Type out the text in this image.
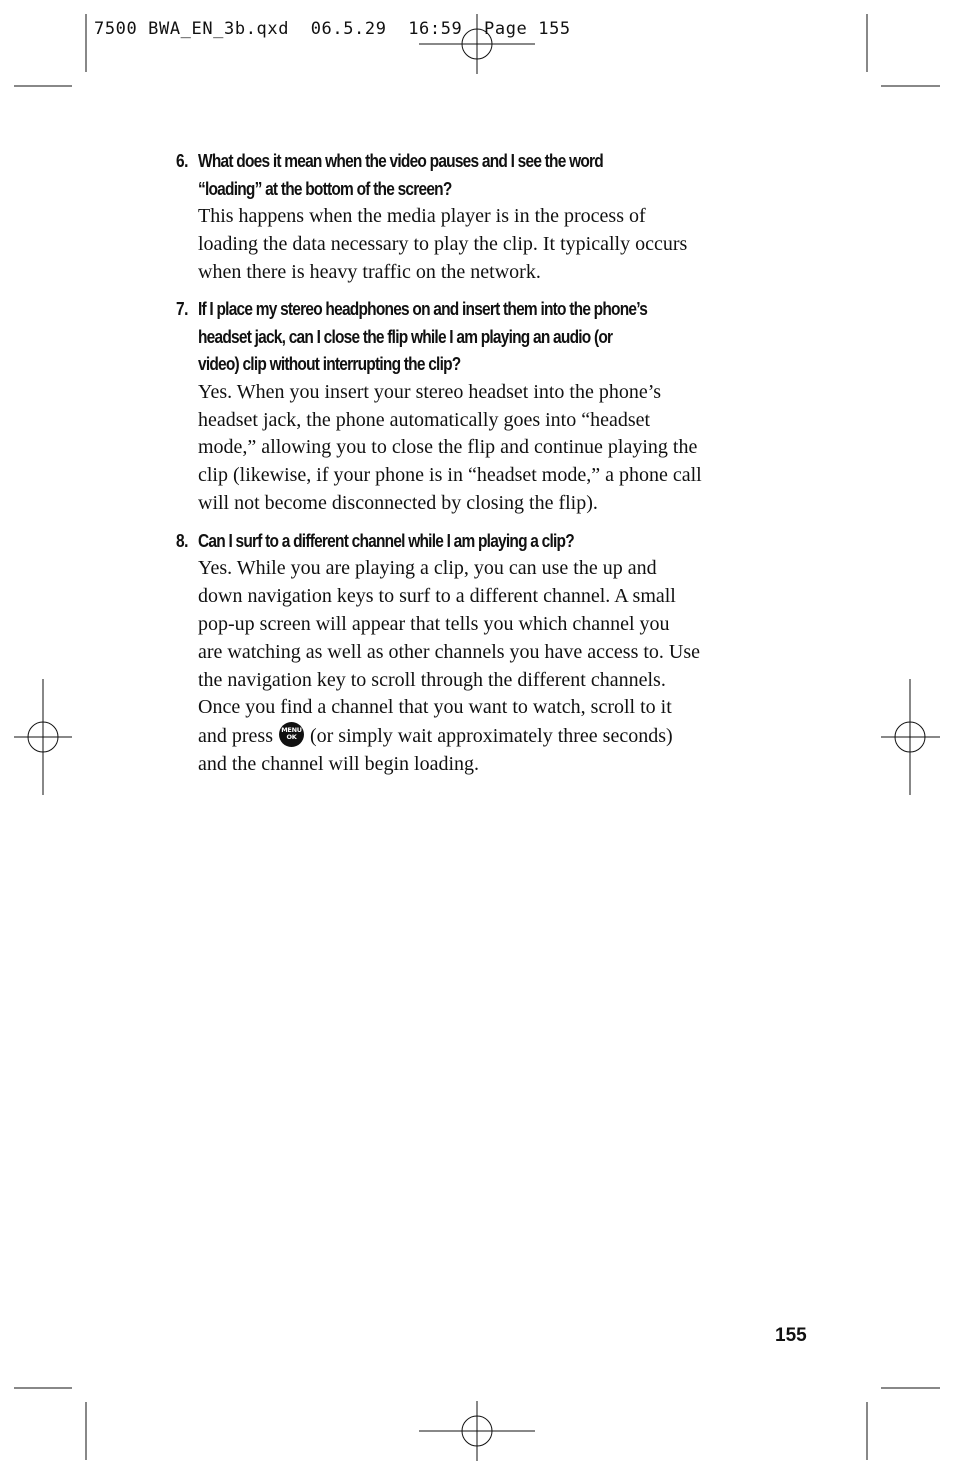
7500 BWA_EN_3b.qxd  06.5.29  16:59  Page 155
6. What does it mean when the video pauses and I see the word
“loading” at the bottom of the screen?

This happens when the media player is in the process of
loading the data necessary to play the clip. It typically occurs
when there is heavy traffic on the network.

7. If I place my stereo headphones on and insert them into the phone’s
headset jack, can I close the flip while I am playing an audio (or
video) clip without interrupting the clip?

Yes. When you insert your stereo headset into the phone’s
headset jack, the phone automatically goes into “headset
mode,” allowing you to close the flip and continue playing the
clip (likewise, if your phone is in “headset mode,” a phone call
will not become disconnected by closing the flip).

8. Can I surf to a different channel while I am playing a clip?

Yes. While you are playing a clip, you can use the up and
down navigation keys to surf to a different channel. A small
pop-up screen will appear that tells you which channel you
are watching as well as other channels you have access to. Use
the navigation key to scroll through the different channels.
Once you find a channel that you want to watch, scroll to it
and press	MENU
OK (or simply wait approximately three seconds)
and the channel will begin loading.

155
